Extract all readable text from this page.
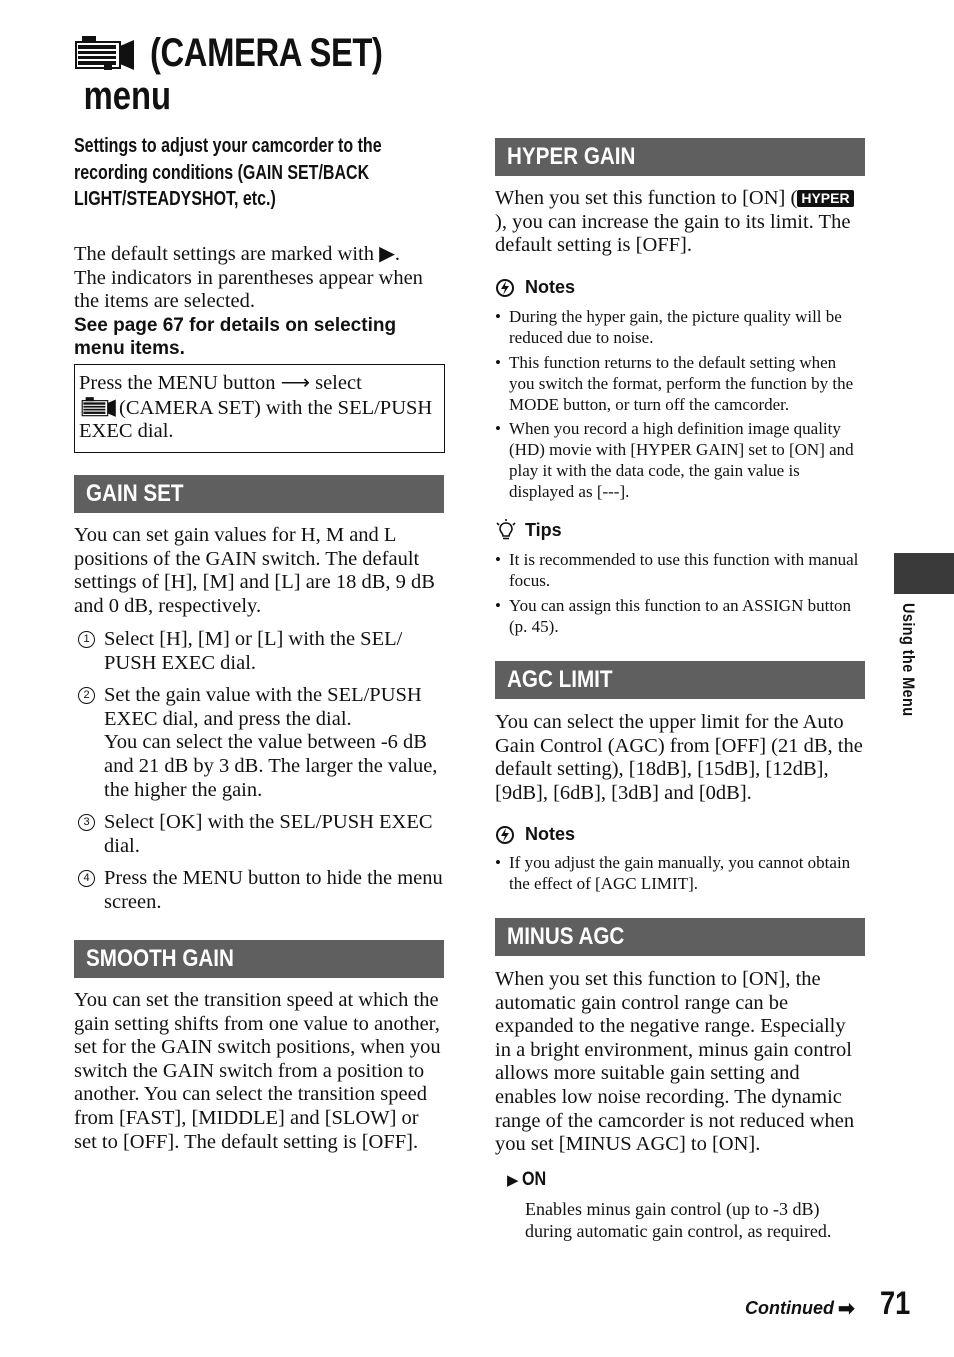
(CAMERA SET)
menu
Settings to adjust your camcorder to the
recording conditions (GAIN SET/BACK
LIGHT/STEADYSHOT, etc.)
The default settings are marked with ▶.
The indicators in parentheses appear when the items are selected.
See page 67 for details on selecting menu items.
Press the MENU button ⟶ select
(CAMERA SET) with the SEL/PUSH EXEC dial.
GAIN SET
You can set gain values for H, M and L positions of the GAIN switch. The default settings of [H], [M] and [L] are 18 dB, 9 dB and 0 dB, respectively.
1 Select [H], [M] or [L] with the SEL/ PUSH EXEC dial.
2 Set the gain value with the SEL/PUSH EXEC dial, and press the dial.
You can select the value between -6 dB and 21 dB by 3 dB. The larger the value, the higher the gain.
3 Select [OK] with the SEL/PUSH EXEC dial.
4 Press the MENU button to hide the menu screen.
SMOOTH GAIN
You can set the transition speed at which the gain setting shifts from one value to another, set for the GAIN switch positions, when you switch the GAIN switch from a position to another. You can select the transition speed from [FAST], [MIDDLE] and [SLOW] or set to [OFF]. The default setting is [OFF].
HYPER GAIN
When you set this function to [ON] ( HYPER), you can increase the gain to its limit. The default setting is [OFF].
Notes
• During the hyper gain, the picture quality will be reduced due to noise.
• This function returns to the default setting when you switch the format, perform the function by the MODE button, or turn off the camcorder.
• When you record a high definition image quality (HD) movie with [HYPER GAIN] set to [ON] and play it with the data code, the gain value is displayed as [---].
Tips
• It is recommended to use this function with manual focus.
• You can assign this function to an ASSIGN button (p. 45).
AGC LIMIT
You can select the upper limit for the Auto Gain Control (AGC) from [OFF] (21 dB, the default setting), [18dB], [15dB], [12dB], [9dB], [6dB], [3dB] and [0dB].
Notes
• If you adjust the gain manually, you cannot obtain the effect of [AGC LIMIT].
MINUS AGC
When you set this function to [ON], the automatic gain control range can be expanded to the negative range. Especially in a bright environment, minus gain control allows more suitable gain setting and enables low noise recording. The dynamic range of the camcorder is not reduced when you set [MINUS AGC] to [ON].
▶ ON
Enables minus gain control (up to -3 dB) during automatic gain control, as required.
Using the Menu
Continued ➡ 71
